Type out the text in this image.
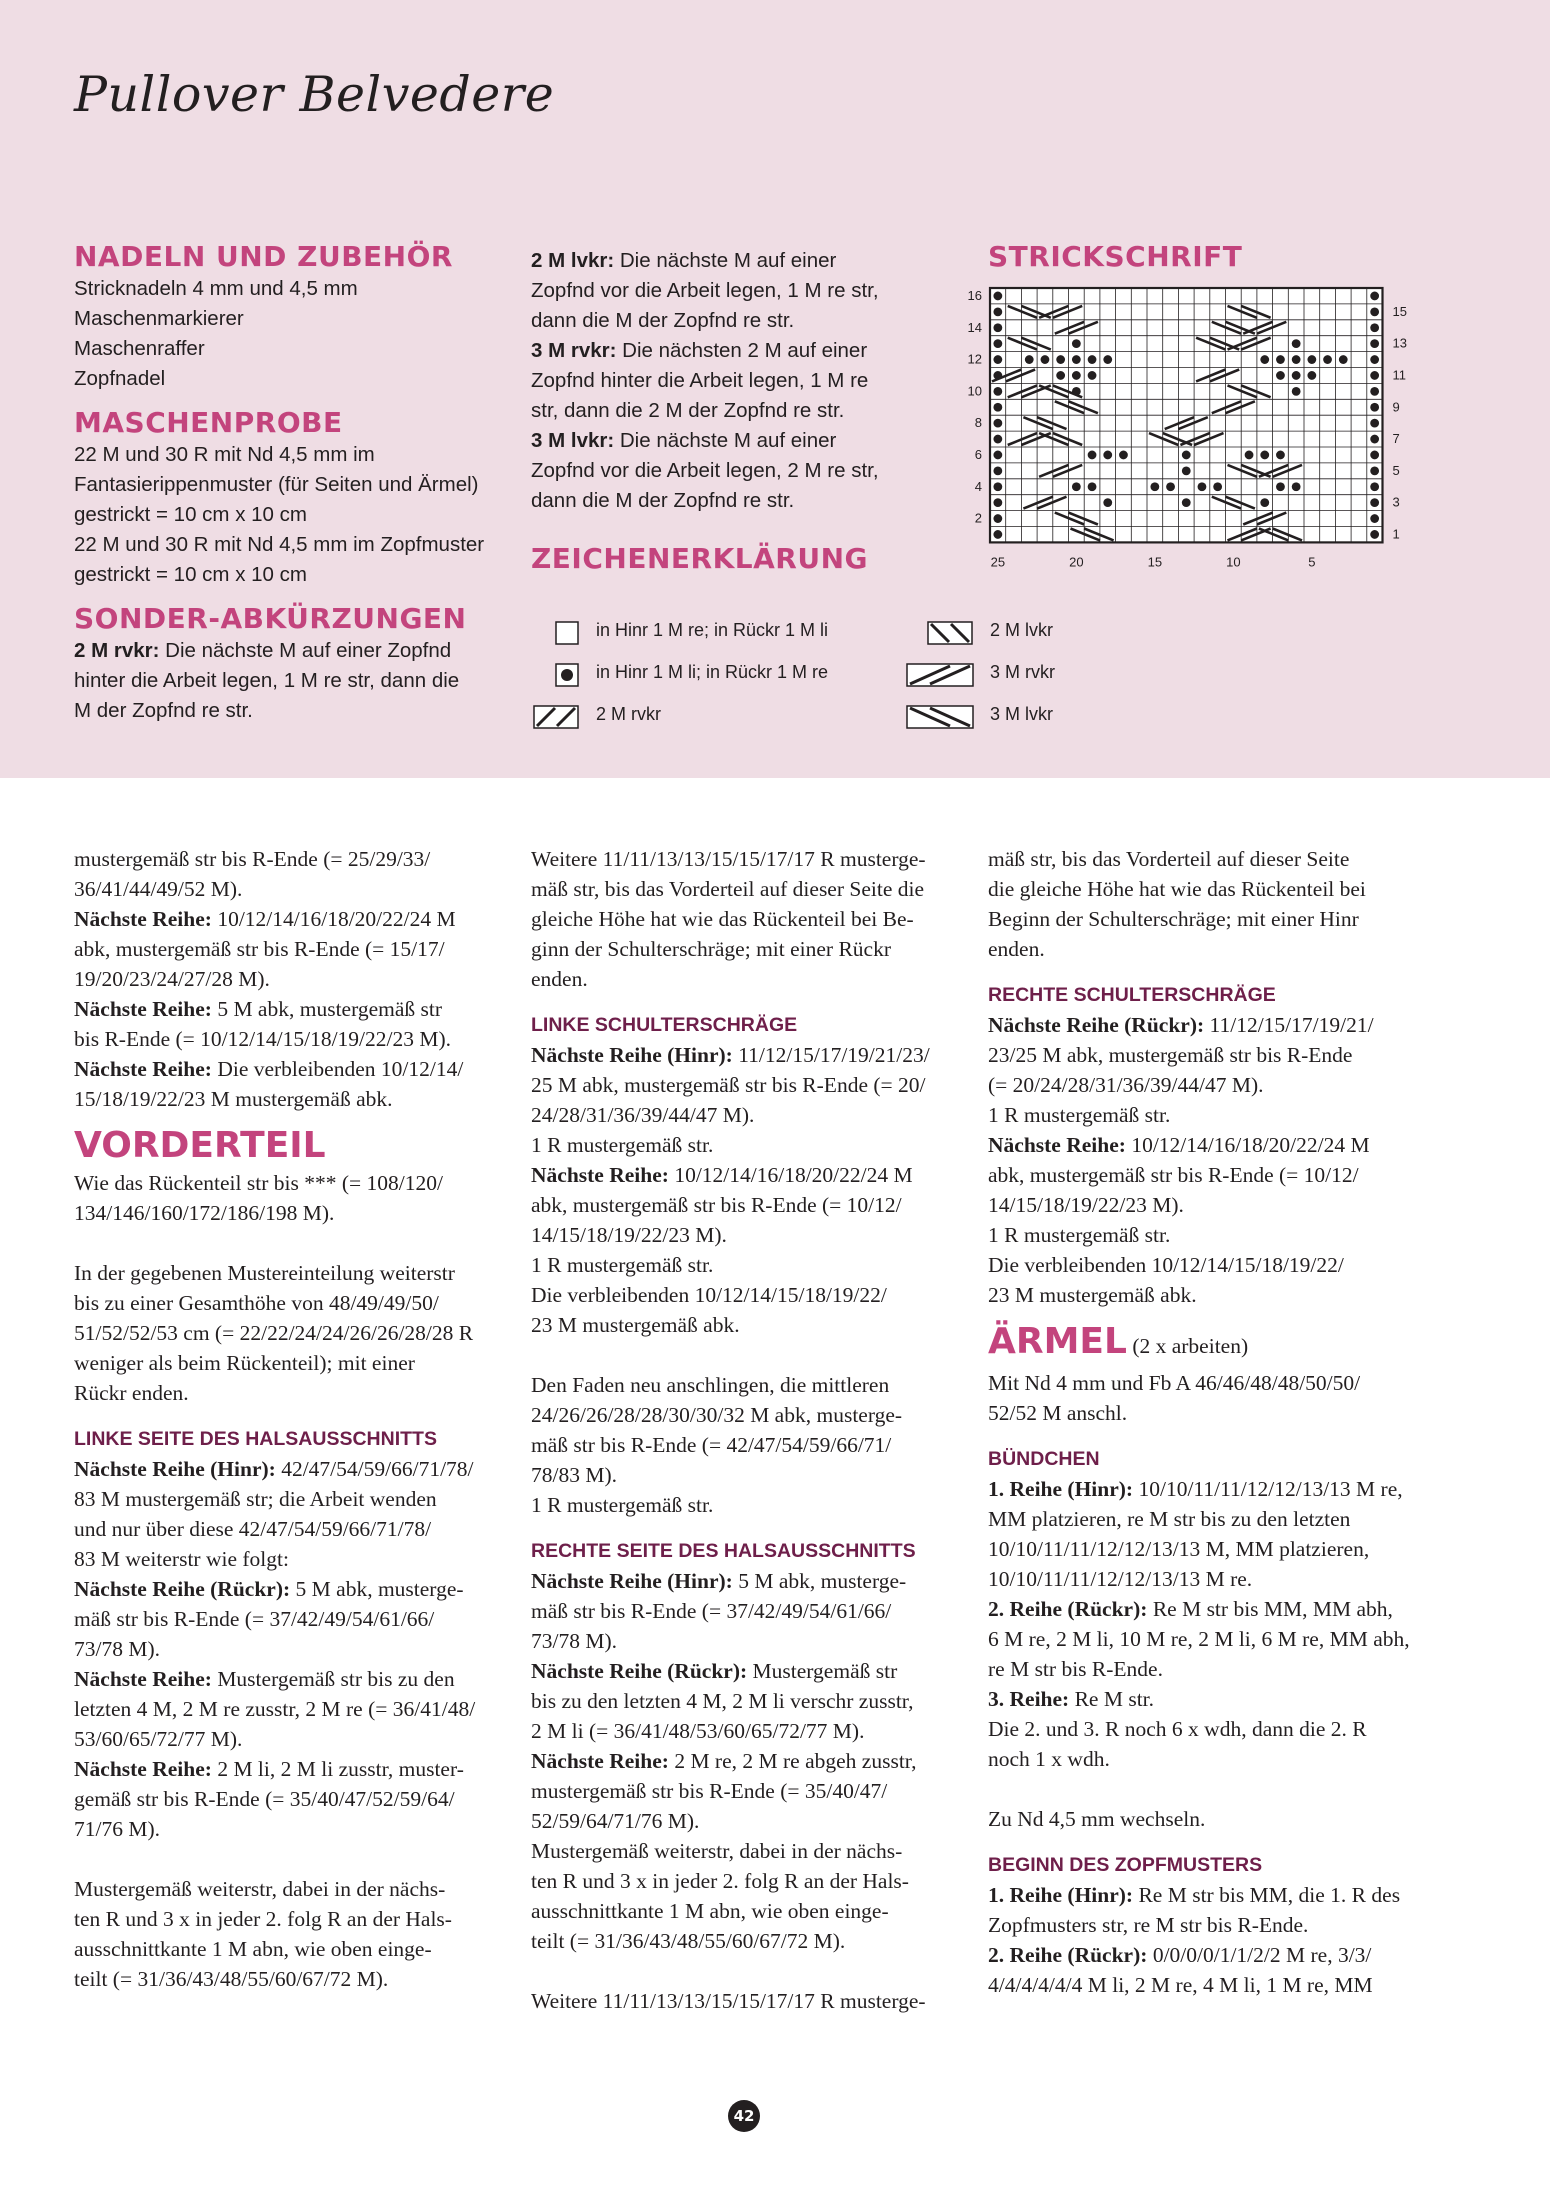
Pullover Belvedere
NADELN UND ZUBEHÖR
Stricknadeln 4 mm und 4,5 mm
Maschenmarkierer
Maschenraffer
Zopfnadel
MASCHENPROBE
22 M und 30 R mit Nd 4,5 mm im
Fantasierippenmuster (für Seiten und Ärmel)
gestrickt = 10 cm x 10 cm
22 M und 30 R mit Nd 4,5 mm im Zopfmuster
gestrickt = 10 cm x 10 cm
SONDER-ABKÜRZUNGEN
2 M rvkr: Die nächste M auf einer Zopfnd
hinter die Arbeit legen, 1 M re str, dann die
M der Zopfnd re str.
2 M lvkr: Die nächste M auf einer
Zopfnd vor die Arbeit legen, 1 M re str,
dann die M der Zopfnd re str.
3 M rvkr: Die nächsten 2 M auf einer
Zopfnd hinter die Arbeit legen, 1 M re
str, dann die 2 M der Zopfnd re str.
3 M lvkr: Die nächste M auf einer
Zopfnd vor die Arbeit legen, 2 M re str,
dann die M der Zopfnd re str.
ZEICHENERKLÄRUNG
in Hinr 1 M re; in Rückr 1 M li
in Hinr 1 M li; in Rückr 1 M re
2 M rvkr
2 M lvkr
3 M rvkr
3 M lvkr
STRICKSCHRIFT
16
14
12
10
8
6
4
2
15
13
11
9
7
5
3
1
25	20	15	10	5
mustergemäß str bis R-Ende (= 25/29/33/
36/41/44/49/52 M).
Nächste Reihe: 10/12/14/16/18/20/22/24 M
abk, mustergemäß str bis R-Ende (= 15/17/
19/20/23/24/27/28 M).
Nächste Reihe: 5 M abk, mustergemäß str
bis R-Ende (= 10/12/14/15/18/19/22/23 M).
Nächste Reihe: Die verbleibenden 10/12/14/
15/18/19/22/23 M mustergemäß abk.
VORDERTEIL
Wie das Rückenteil str bis *** (= 108/120/
134/146/160/172/186/198 M).
In der gegebenen Mustereinteilung weiterstr
bis zu einer Gesamthöhe von 48/49/49/50/
51/52/52/53 cm (= 22/22/24/24/26/26/28/28 R
weniger als beim Rückenteil); mit einer
Rückr enden.
LINKE SEITE DES HALSAUSSCHNITTS
Nächste Reihe (Hinr): 42/47/54/59/66/71/78/
83 M mustergemäß str; die Arbeit wenden
und nur über diese 42/47/54/59/66/71/78/
83 M weiterstr wie folgt:
Nächste Reihe (Rückr): 5 M abk, musterge-
mäß str bis R-Ende (= 37/42/49/54/61/66/
73/78 M).
Nächste Reihe: Mustergemäß str bis zu den
letzten 4 M, 2 M re zusstr, 2 M re (= 36/41/48/
53/60/65/72/77 M).
Nächste Reihe: 2 M li, 2 M li zusstr, muster-
gemäß str bis R-Ende (= 35/40/47/52/59/64/
71/76 M).
Mustergemäß weiterstr, dabei in der nächs-
ten R und 3 x in jeder 2. folg R an der Hals-
ausschnittkante 1 M abn, wie oben einge-
teilt (= 31/36/43/48/55/60/67/72 M).
Weitere 11/11/13/13/15/15/17/17 R musterge-
mäß str, bis das Vorderteil auf dieser Seite die
gleiche Höhe hat wie das Rückenteil bei Be-
ginn der Schulterschräge; mit einer Rückr
enden.
LINKE SCHULTERSCHRÄGE
Nächste Reihe (Hinr): 11/12/15/17/19/21/23/
25 M abk, mustergemäß str bis R-Ende (= 20/
24/28/31/36/39/44/47 M).
1 R mustergemäß str.
Nächste Reihe: 10/12/14/16/18/20/22/24 M
abk, mustergemäß str bis R-Ende (= 10/12/
14/15/18/19/22/23 M).
1 R mustergemäß str.
Die verbleibenden 10/12/14/15/18/19/22/
23 M mustergemäß abk.
Den Faden neu anschlingen, die mittleren
24/26/26/28/28/30/30/32 M abk, musterge-
mäß str bis R-Ende (= 42/47/54/59/66/71/
78/83 M).
1 R mustergemäß str.
RECHTE SEITE DES HALSAUSSCHNITTS
Nächste Reihe (Hinr): 5 M abk, musterge-
mäß str bis R-Ende (= 37/42/49/54/61/66/
73/78 M).
Nächste Reihe (Rückr): Mustergemäß str
bis zu den letzten 4 M, 2 M li verschr zusstr,
2 M li (= 36/41/48/53/60/65/72/77 M).
Nächste Reihe: 2 M re, 2 M re abgeh zusstr,
mustergemäß str bis R-Ende (= 35/40/47/
52/59/64/71/76 M).
Mustergemäß weiterstr, dabei in der nächs-
ten R und 3 x in jeder 2. folg R an der Hals-
ausschnittkante 1 M abn, wie oben einge-
teilt (= 31/36/43/48/55/60/67/72 M).
Weitere 11/11/13/13/15/15/17/17 R musterge-
mäß str, bis das Vorderteil auf dieser Seite
die gleiche Höhe hat wie das Rückenteil bei
Beginn der Schulterschräge; mit einer Hinr
enden.
RECHTE SCHULTERSCHRÄGE
Nächste Reihe (Rückr): 11/12/15/17/19/21/
23/25 M abk, mustergemäß str bis R-Ende
(= 20/24/28/31/36/39/44/47 M).
1 R mustergemäß str.
Nächste Reihe: 10/12/14/16/18/20/22/24 M
abk, mustergemäß str bis R-Ende (= 10/12/
14/15/18/19/22/23 M).
1 R mustergemäß str.
Die verbleibenden 10/12/14/15/18/19/22/
23 M mustergemäß abk.
ÄRMEL (2 x arbeiten)
Mit Nd 4 mm und Fb A 46/46/48/48/50/50/
52/52 M anschl.
BÜNDCHEN
1. Reihe (Hinr): 10/10/11/11/12/12/13/13 M re,
MM platzieren, re M str bis zu den letzten
10/10/11/11/12/12/13/13 M, MM platzieren,
10/10/11/11/12/12/13/13 M re.
2. Reihe (Rückr): Re M str bis MM, MM abh,
6 M re, 2 M li, 10 M re, 2 M li, 6 M re, MM abh,
re M str bis R-Ende.
3. Reihe: Re M str.
Die 2. und 3. R noch 6 x wdh, dann die 2. R
noch 1 x wdh.
Zu Nd 4,5 mm wechseln.
BEGINN DES ZOPFMUSTERS
1. Reihe (Hinr): Re M str bis MM, die 1. R des
Zopfmusters str, re M str bis R-Ende.
2. Reihe (Rückr): 0/0/0/0/1/1/2/2 M re, 3/3/
4/4/4/4/4/4 M li, 2 M re, 4 M li, 1 M re, MM
42
